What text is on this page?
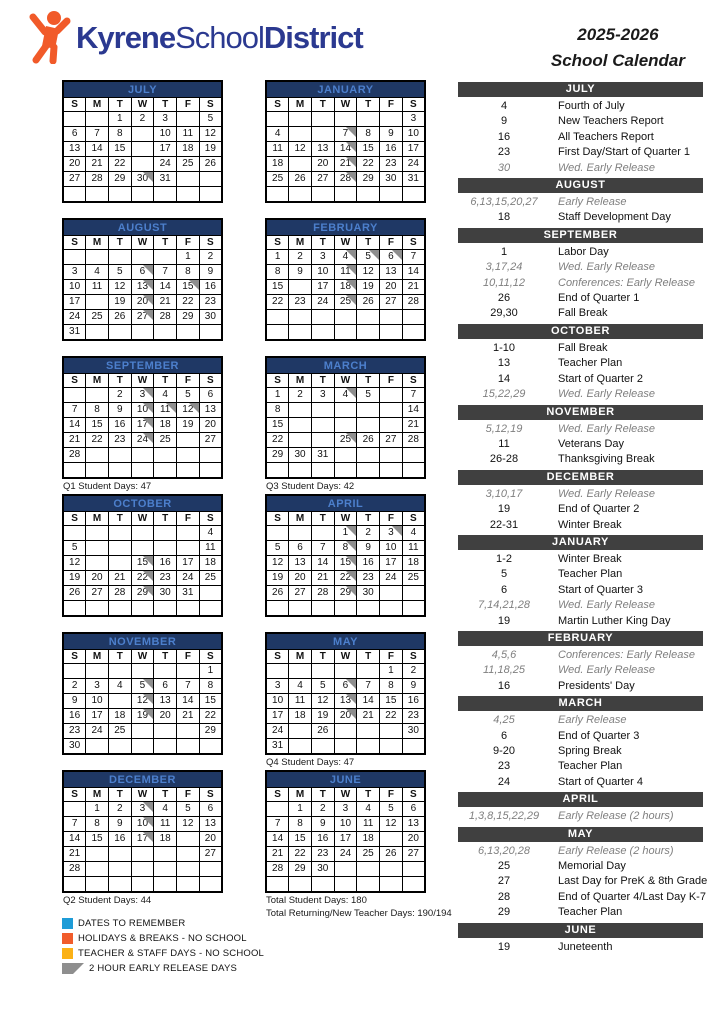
KyreneSchoolDistrict	2025-2026
School Calendar
JULY						
S	M	T	W	T	F	S
		1	2	3	4	5
6	7	8	9	10	11	12
13	14	15	16	17	18	19
20	21	22	23	24	25	26
27	28	29	30	31		

AUGUST						
S	M	T	W	T	F	S
					1	2
3	4	5	6	7	8	9
10	11	12	13	14	15	16
17	18	19	20	21	22	23
24	25	26	27	28	29	30
31						
SEPTEMBER						
S	M	T	W	T	F	S
	1	2	3	4	5	6
7	8	9	10	11	12	13
14	15	16	17	18	19	20
21	22	23	24	25	26	27
28	29	30				

Q1 Student Days: 47
OCTOBER						
S	M	T	W	T	F	S
			1	2	3	4
5	6	7	8	9	10	11
12	13	14	15	16	17	18
19	20	21	22	23	24	25
26	27	28	29	30	31	

NOVEMBER						
S	M	T	W	T	F	S
						1
2	3	4	5	6	7	8
9	10	11	12	13	14	15
16	17	18	19	20	21	22
23	24	25	26	27	28	29
30						
DECEMBER						
S	M	T	W	T	F	S
	1	2	3	4	5	6
7	8	9	10	11	12	13
14	15	16	17	18	19	20
21	22	23	24	25	26	27
28	29	30	31			

Q2 Student Days: 44
DATES TO REMEMBER
HOLIDAYS & BREAKS - NO SCHOOL
TEACHER & STAFF DAYS - NO SCHOOL
2 HOUR EARLY RELEASE DAYS
JANUARY						
S	M	T	W	T	F	S
				1	2	3
4	5	6	7	8	9	10
11	12	13	14	15	16	17
18	19	20	21	22	23	24
25	26	27	28	29	30	31

FEBRUARY						
S	M	T	W	T	F	S
1	2	3	4	5	6	7
8	9	10	11	12	13	14
15	16	17	18	19	20	21
22	23	24	25	26	27	28

MARCH						
S	M	T	W	T	F	S
1	2	3	4	5	6	7
8	9	10	11	12	13	14
15	16	17	18	19	20	21
22	23	24	25	26	27	28
29	30	31				

Q3 Student Days: 42
APRIL						
S	M	T	W	T	F	S
			1	2	3	4
5	6	7	8	9	10	11
12	13	14	15	16	17	18
19	20	21	22	23	24	25
26	27	28	29	30		

MAY						
S	M	T	W	T	F	S
					1	2
3	4	5	6	7	8	9
10	11	12	13	14	15	16
17	18	19	20	21	22	23
24	25	26	27	28	29	30
31						
Q4 Student Days: 47
JUNE						
S	M	T	W	T	F	S
	1	2	3	4	5	6
7	8	9	10	11	12	13
14	15	16	17	18	19	20
21	22	23	24	25	26	27
28	29	30				

Total Student Days: 180
Total Returning/New Teacher Days: 190/194
JULY
4	Fourth of July
9	New Teachers Report
16	All Teachers Report
23	First Day/Start of Quarter 1
30	Wed. Early Release
AUGUST
6,13,15,20,27	Early Release
18	Staff Development Day
SEPTEMBER
1	Labor Day
3,17,24	Wed. Early Release
10,11,12	Conferences: Early Release
26	End of Quarter 1
29,30	Fall Break
OCTOBER
1-10	Fall Break
13	Teacher Plan
14	Start of Quarter 2
15,22,29	Wed. Early Release
NOVEMBER
5,12,19	Wed. Early Release
11	Veterans Day
26-28	Thanksgiving Break
DECEMBER
3,10,17	Wed. Early Release
19	End of Quarter 2
22-31	Winter Break
JANUARY
1-2	Winter Break
5	Teacher Plan
6	Start of Quarter 3
7,14,21,28	Wed. Early Release
19	Martin Luther King Day
FEBRUARY
4,5,6	Conferences: Early Release
11,18,25	Wed. Early Release
16	Presidents' Day
MARCH
4,25	Early Release
6	End of Quarter 3
9-20	Spring Break
23	Teacher Plan
24	Start of Quarter 4
APRIL
1,3,8,15,22,29	Early Release (2 hours)
MAY
6,13,20,28	Early Release (2 hours)
25	Memorial Day
27	Last Day for PreK & 8th Grade
28	End of Quarter 4/Last Day K-7
29	Teacher Plan
JUNE
19	Juneteenth
